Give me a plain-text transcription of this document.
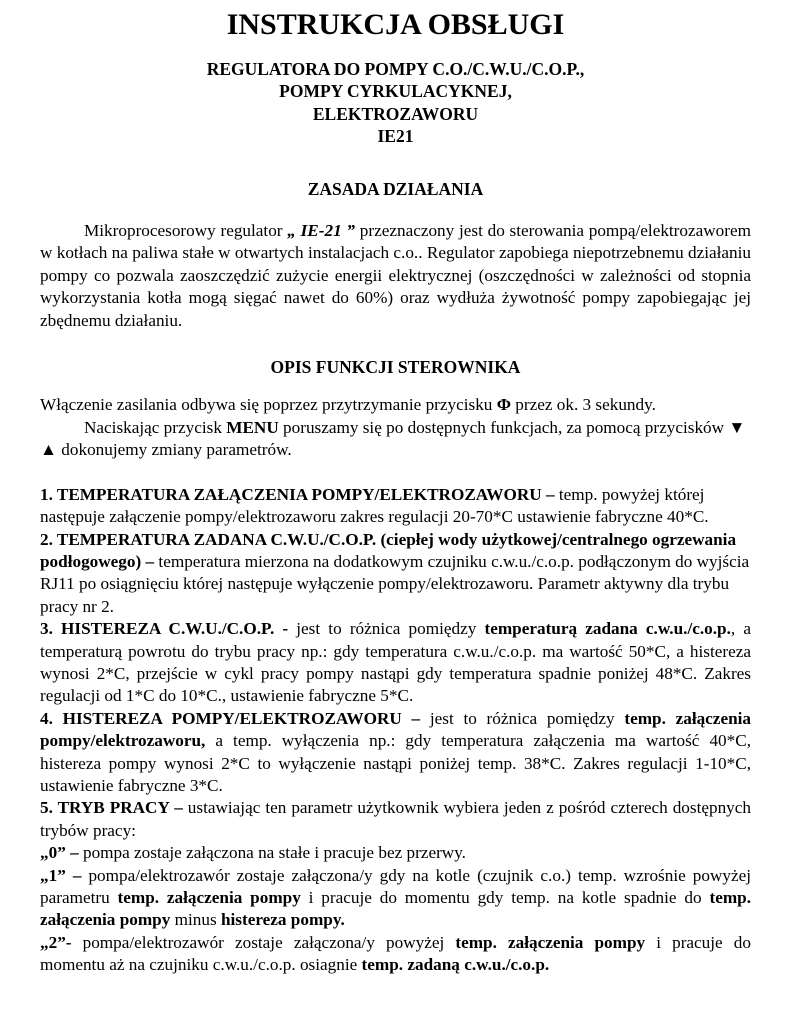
INSTRUKCJA OBSŁUGI
REGULATORA DO POMPY C.O./C.W.U./C.O.P.,
POMPY CYRKULACYKNEJ,
ELEKTROZAWORU
IE21
ZASADA DZIAŁANIA

Mikroprocesorowy regulator „ IE-21 ” przeznaczony jest do sterowania pompą/elektrozaworem w kotłach na paliwa stałe w otwartych instalacjach c.o.. Regulator zapobiega niepotrzebnemu działaniu pompy co pozwala zaoszczędzić zużycie energii elektrycznej (oszczędności w zależności od stopnia wykorzystania kotła mogą sięgać nawet do 60%) oraz wydłuża żywotność pompy zapobiegając jej zbędnemu działaniu.

OPIS FUNKCJI STEROWNIKA

Włączenie zasilania odbywa się poprzez przytrzymanie przycisku Φ przez ok. 3 sekundy.

Naciskając przycisk MENU poruszamy się po dostępnych funkcjach, za pomocą przycisków ▼ ▲ dokonujemy zmiany parametrów.

1. TEMPERATURA ZAŁĄCZENIA POMPY/ELEKTROZAWORU – temp. powyżej której następuje załączenie pompy/elektrozaworu zakres regulacji 20-70*C ustawienie fabryczne 40*C.

2. TEMPERATURA ZADANA C.W.U./C.O.P. (ciepłej wody użytkowej/centralnego ogrzewania podłogowego) – temperatura mierzona na dodatkowym czujniku c.w.u./c.o.p. podłączonym do wyjścia RJ11 po osiągnięciu której następuje wyłączenie pompy/elektrozaworu. Parametr aktywny dla trybu pracy nr 2.

3. HISTEREZA C.W.U./C.O.P. - jest to różnica pomiędzy temperaturą zadana c.w.u./c.o.p., a temperaturą powrotu do trybu pracy np.: gdy temperatura c.w.u./c.o.p. ma wartość 50*C, a histereza wynosi 2*C, przejście w cykl pracy pompy nastąpi gdy temperatura spadnie poniżej 48*C. Zakres regulacji od 1*C do 10*C., ustawienie fabryczne 5*C.

4. HISTEREZA POMPY/ELEKTROZAWORU – jest to różnica pomiędzy temp. załączenia pompy/elektrozaworu, a temp. wyłączenia np.: gdy temperatura załączenia ma wartość 40*C, histereza pompy wynosi 2*C to wyłączenie nastąpi poniżej temp. 38*C. Zakres regulacji 1-10*C, ustawienie fabryczne 3*C.

5. TRYB PRACY – ustawiając ten parametr użytkownik wybiera jeden z pośród czterech dostępnych trybów pracy:

„0” – pompa zostaje załączona na stałe i pracuje bez przerwy.

„1” – pompa/elektrozawór zostaje załączona/y gdy na kotle (czujnik c.o.) temp. wzrośnie powyżej parametru temp. załączenia pompy i pracuje do momentu gdy temp. na kotle spadnie do temp. załączenia pompy minus histereza pompy.

„2”- pompa/elektrozawór zostaje załączona/y powyżej temp. załączenia pompy i pracuje do momentu aż na czujniku c.w.u./c.o.p. osiagnie temp. zadaną c.w.u./c.o.p.
